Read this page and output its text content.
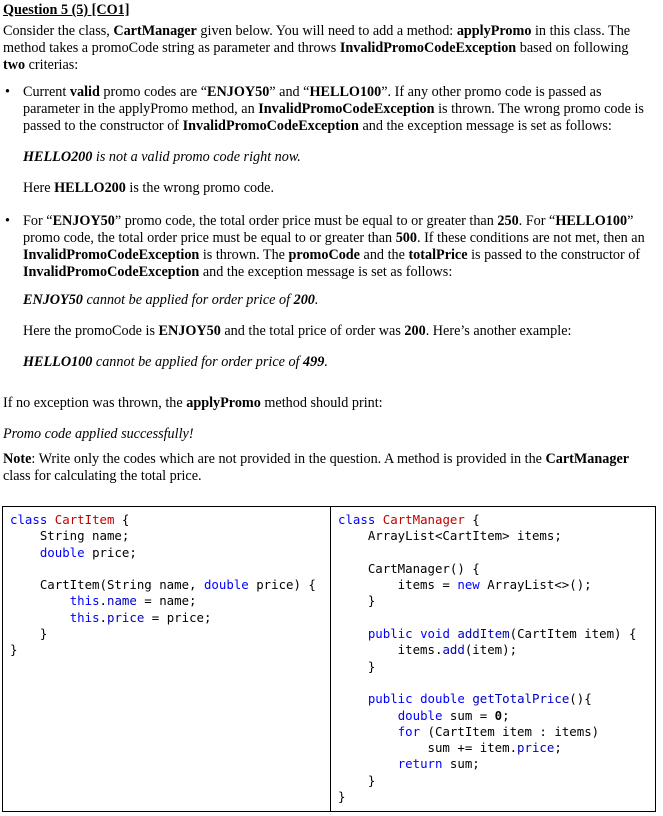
Question 5 (5) [CO1]

Consider the class, CartManager given below. You will need to add a method: applyPromo in this class. The method takes a promoCode string as parameter and throws InvalidPromoCodeException based on following two criterias:

• Current valid promo codes are “ENJOY50” and “HELLO100”. If any other promo code is passed as parameter in the applyPromo method, an InvalidPromoCodeException is thrown. The wrong promo code is passed to the constructor of InvalidPromoCodeException and the exception message is set as follows:

HELLO200 is not a valid promo code right now.

Here HELLO200 is the wrong promo code.

• For “ENJOY50” promo code, the total order price must be equal to or greater than 250. For “HELLO100” promo code, the total order price must be equal to or greater than 500. If these conditions are not met, then an InvalidPromoCodeException is thrown. The promoCode and the totalPrice is passed to the constructor of InvalidPromoCodeException and the exception message is set as follows:

ENJOY50 cannot be applied for order price of 200.

Here the promoCode is ENJOY50 and the total price of order was 200. Here’s another example:

HELLO100 cannot be applied for order price of 499.

If no exception was thrown, the applyPromo method should print:

Promo code applied successfully!

Note: Write only the codes which are not provided in the question. A method is provided in the CartManager class for calculating the total price.

class CartItem {
String name;
double price;

CartItem(String name, double price) {
this.name = name;
this.price = price;
}
}
class CartManager {
ArrayList<CartItem> items;

CartManager() {
items = new ArrayList<>();
}

public void addItem(CartItem item) {
items.add(item);
}

public double getTotalPrice(){
double sum = 0;
for (CartItem item : items)
sum += item.price;
return sum;
}
}
